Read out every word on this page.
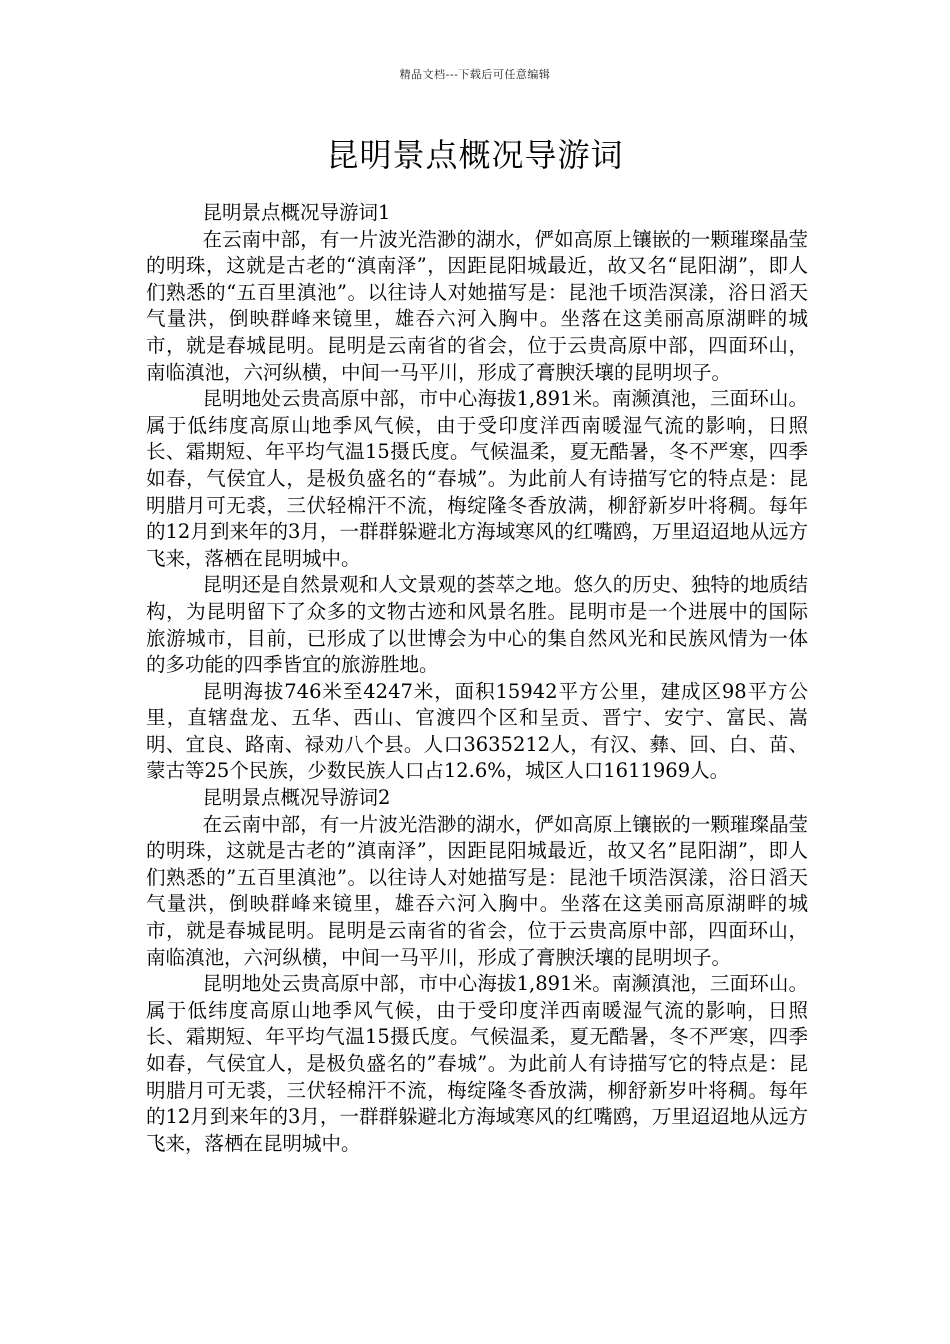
精品文档---下载后可任意编辑
昆明景点概况导游词

昆明景点概况导游词1

在云南中部，有一片波光浩渺的湖水，俨如高原上镶嵌的一颗璀璨晶莹的明珠，这就是古老的“滇南泽”，因距昆阳城最近，故又名“昆阳湖”，即人们熟悉的“五百里滇池”。以往诗人对她描写是：昆池千顷浩溟漾，浴日滔天气量洪，倒映群峰来镜里，雄吞六河入胸中。坐落在这美丽高原湖畔的城市，就是春城昆明。昆明是云南省的省会，位于云贵高原中部，四面环山，南临滇池，六河纵横，中间一马平川，形成了膏腴沃壤的昆明坝子。

昆明地处云贵高原中部，市中心海拔1,891米。南濒滇池，三面环山。属于低纬度高原山地季风气候，由于受印度洋西南暖湿气流的影响，日照长、霜期短、年平均气温15摄氏度。气候温柔，夏无酷暑，冬不严寒，四季如春，气侯宜人，是极负盛名的“春城”。为此前人有诗描写它的特点是：昆明腊月可无裘，三伏轻棉汗不流，梅绽隆冬香放满，柳舒新岁叶将稠。每年的12月到来年的3月，一群群躲避北方海域寒风的红嘴鸥，万里迢迢地从远方飞来，落栖在昆明城中。

昆明还是自然景观和人文景观的荟萃之地。悠久的历史、独特的地质结构，为昆明留下了众多的文物古迹和风景名胜。昆明市是一个进展中的国际旅游城市，目前，已形成了以世博会为中心的集自然风光和民族风情为一体的多功能的四季皆宜的旅游胜地。

昆明海拔746米至4247米，面积15942平方公里，建成区98平方公里，直辖盘龙、五华、西山、官渡四个区和呈贡、晋宁、安宁、富民、嵩明、宜良、路南、禄劝八个县。人口3635212人，有汉、彝、回、白、苗、蒙古等25个民族，少数民族人口占12.6%，城区人口1611969人。

昆明景点概况导游词2

在云南中部，有一片波光浩渺的湖水，俨如高原上镶嵌的一颗璀璨晶莹的明珠，这就是古老的”滇南泽”，因距昆阳城最近，故又名”昆阳湖”，即人们熟悉的”五百里滇池”。以往诗人对她描写是：昆池千顷浩溟漾，浴日滔天气量洪，倒映群峰来镜里，雄吞六河入胸中。坐落在这美丽高原湖畔的城市，就是春城昆明。昆明是云南省的省会，位于云贵高原中部，四面环山，南临滇池，六河纵横，中间一马平川，形成了膏腴沃壤的昆明坝子。

昆明地处云贵高原中部，市中心海拔1,891米。南濒滇池，三面环山。属于低纬度高原山地季风气候，由于受印度洋西南暖湿气流的影响，日照长、霜期短、年平均气温15摄氏度。气候温柔，夏无酷暑，冬不严寒，四季如春，气侯宜人，是极负盛名的”春城”。为此前人有诗描写它的特点是：昆明腊月可无裘，三伏轻棉汗不流，梅绽隆冬香放满，柳舒新岁叶将稠。每年的12月到来年的3月，一群群躲避北方海域寒风的红嘴鸥，万里迢迢地从远方飞来，落栖在昆明城中。
